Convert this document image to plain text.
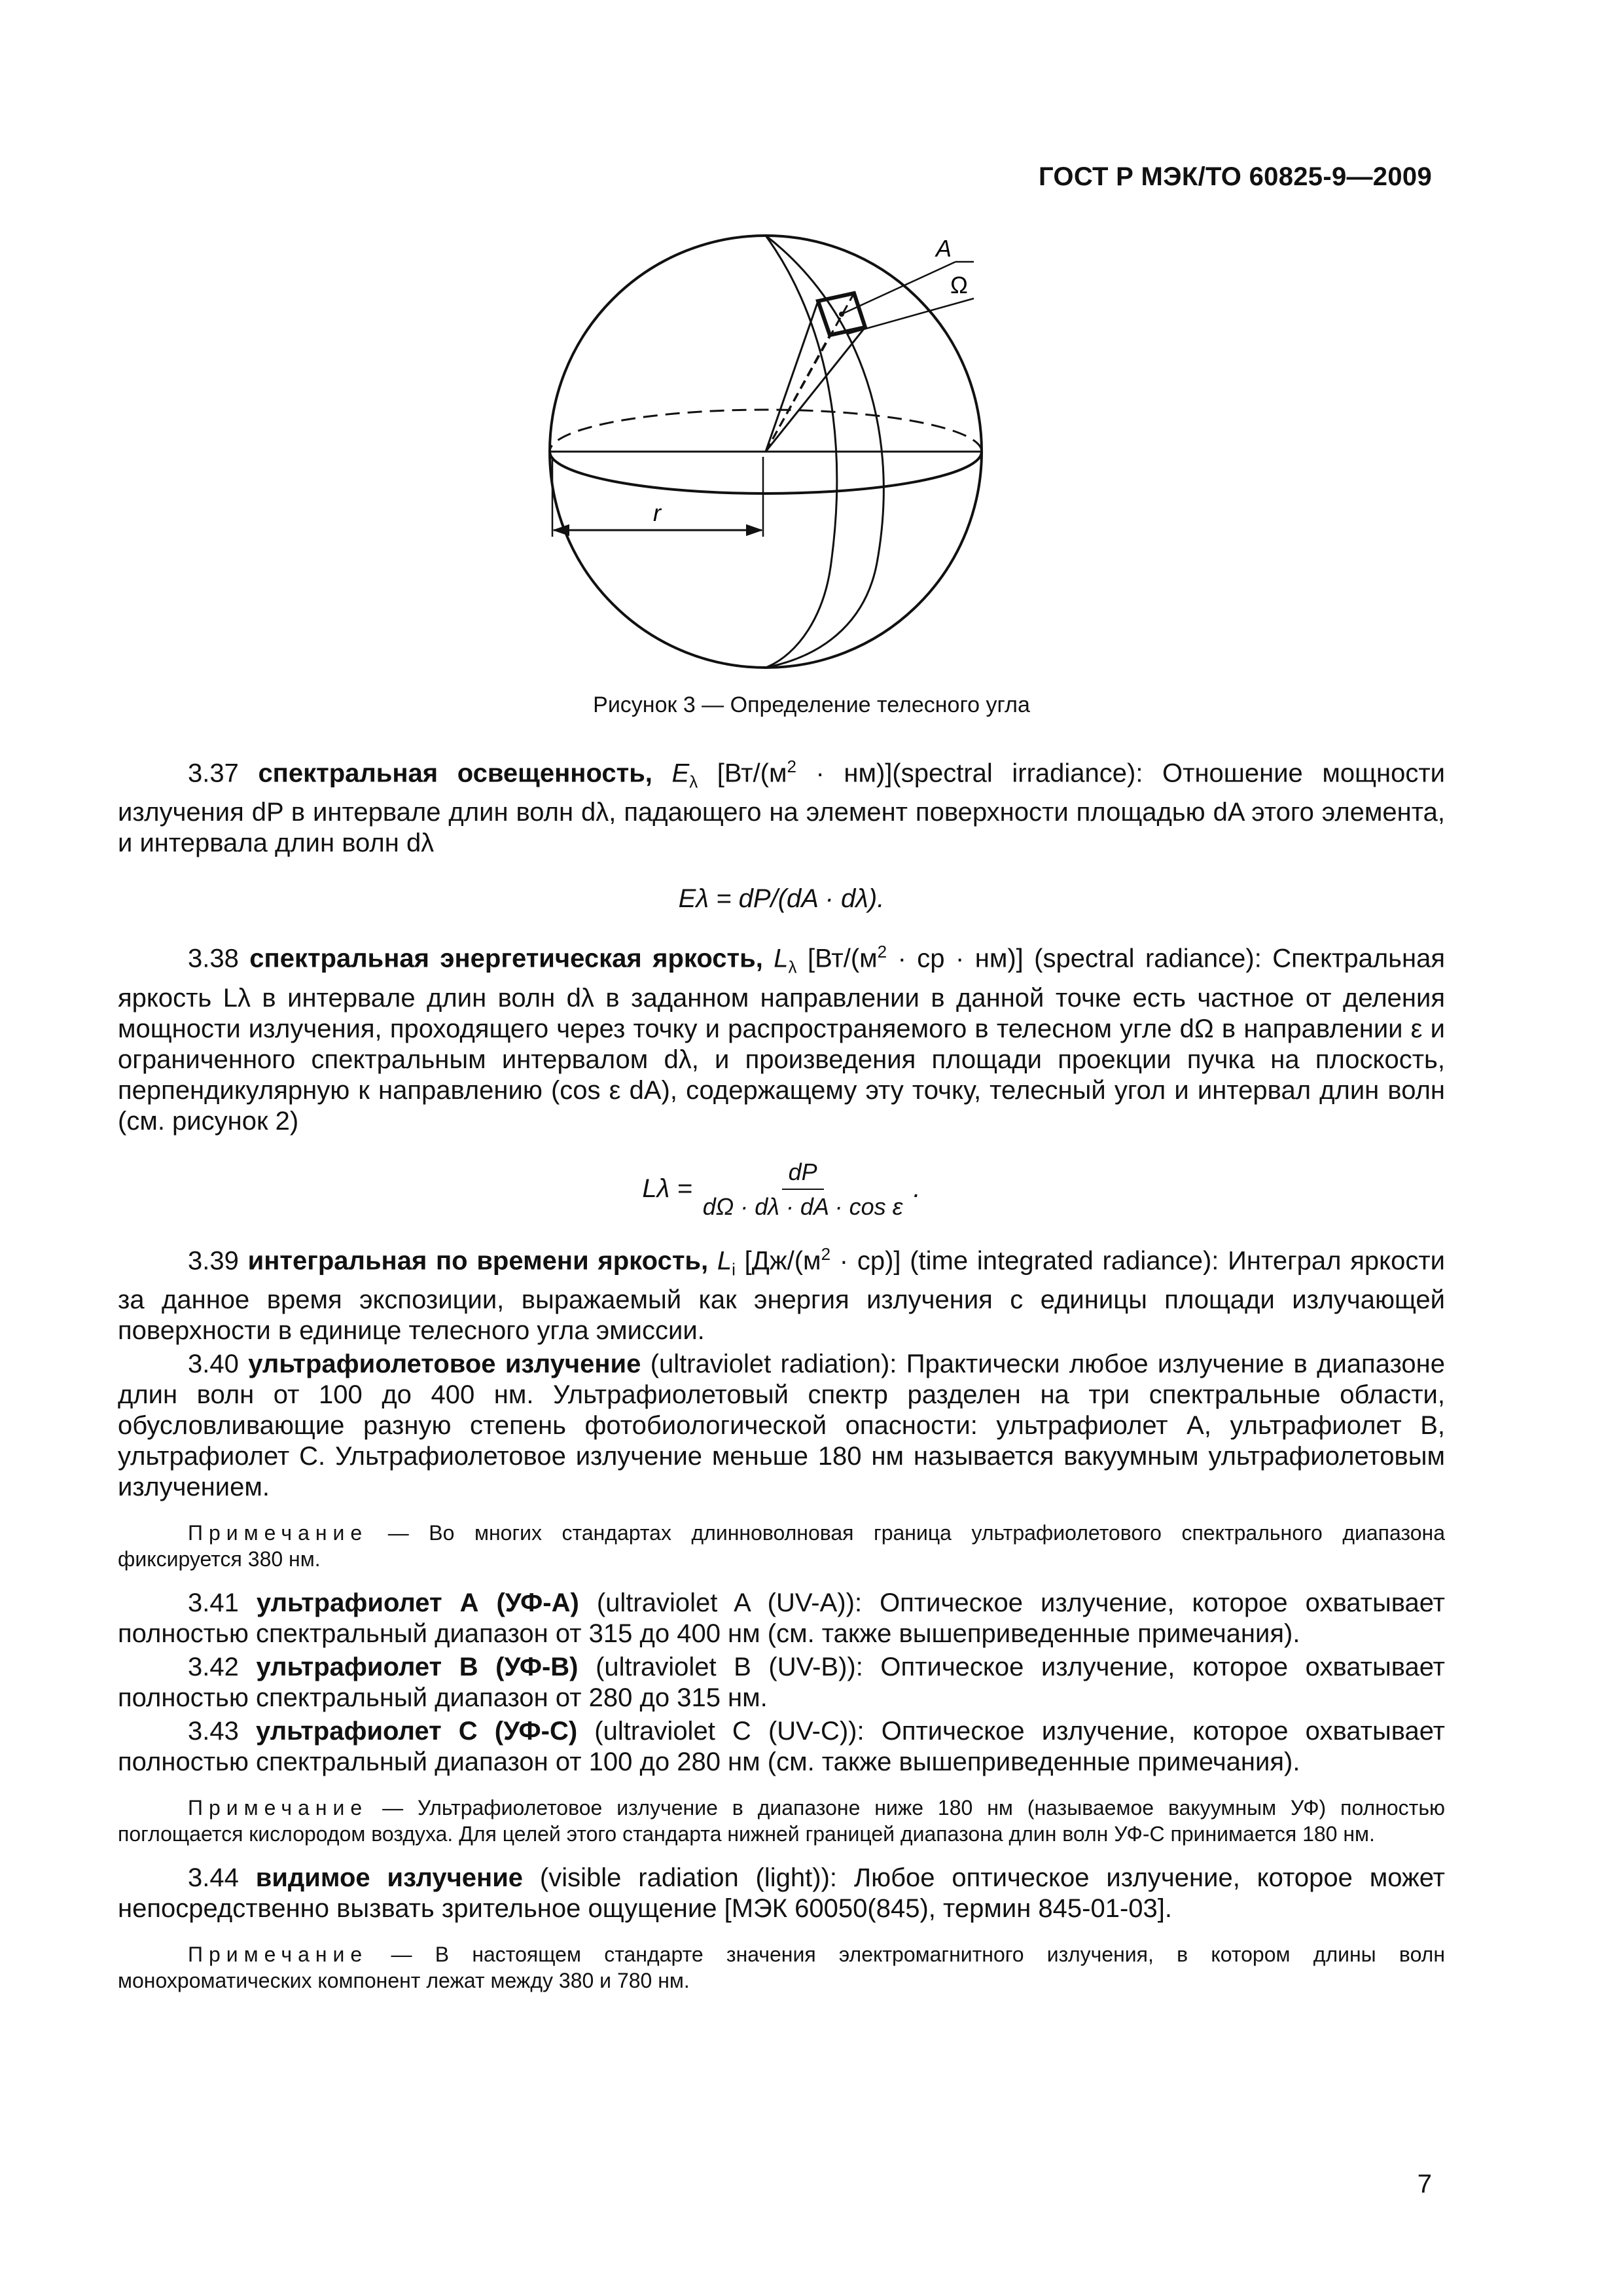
ГОСТ Р МЭК/ТО 60825-9—2009
A
Ω
r
Рисунок 3 — Определение телесного угла

3.37 спектральная освещенность, $E_\lambda$ [$Вт/(м^2$ · нм)](spectral irradiance): Отношение мощности излучения dP в интервале длин волн dλ, падающего на элемент поверхности площадью dA этого элемента, и интервала длин волн dλ

Eλ = dP/(dA · dλ).

3.38 спектральная энергетическая яркость, $L_\lambda$ [$Вт/(м^2$ · ср · нм)] (spectral radiance): Спектральная яркость Lλ в интервале длин волн dλ в заданном направлении в данной точке есть частное от деления мощности излучения, проходящего через точку и распространяемого в телесном угле dΩ в направлении ε и ограниченного спектральным интервалом dλ, и произведения площади проекции пучка на плоскость, перпендикулярную к направлению (cos ε dA), содержащему эту точку, телесный угол и интервал длин волн (см. рисунок 2)

$L\lambda = \frac{dP}{\text{dΩ · dλ · dA · cos ε}}$ .

3.39 интегральная по времени яркость, $L_i$ $[Дж/(м^2 \cdot ср)]$ (time integrated radiance): Интеграл яркости за данное время экспозиции, выражаемый как энергия излучения с единицы площади излучающей поверхности в единице телесного угла эмиссии.

3.40 ультрафиолетовое излучение (ultraviolet radiation): Практически любое излучение в диапазоне длин волн от 100 до 400 нм. Ультрафиолетовый спектр разделен на три спектральные области, обусловливающие разную степень фотобиологической опасности: ультрафиолет А, ультрафиолет В, ультрафиолет С. Ультрафиолетовое излучение меньше 180 нм называется вакуумным ультрафиолетовым излучением.

Примечание — Во многих стандартах длинноволновая граница ультрафиолетового спектрального диапазона фиксируется 380 нм.

3.41 ультрафиолет А (УФ-А) (ultraviolet A (UV-A)): Оптическое излучение, которое охватывает полностью спектральный диапазон от 315 до 400 нм (см. также вышеприведенные примечания).

3.42 ультрафиолет В (УФ-В) (ultraviolet B (UV-B)): Оптическое излучение, которое охватывает полностью спектральный диапазон от 280 до 315 нм.

3.43 ультрафиолет С (УФ-С) (ultraviolet C (UV-C)): Оптическое излучение, которое охватывает полностью спектральный диапазон от 100 до 280 нм (см. также вышеприведенные примечания).

Примечание — Ультрафиолетовое излучение в диапазоне ниже 180 нм (называемое вакуумным УФ) полностью поглощается кислородом воздуха. Для целей этого стандарта нижней границей диапазона длин волн УФ-С принимается 180 нм.

3.44 видимое излучение (visible radiation (light)): Любое оптическое излучение, которое может непосредственно вызвать зрительное ощущение [МЭК 60050(845), термин 845-01-03].

Примечание — В настоящем стандарте значения электромагнитного излучения, в котором длины волн монохроматических компонент лежат между 380 и 780 нм.

7
